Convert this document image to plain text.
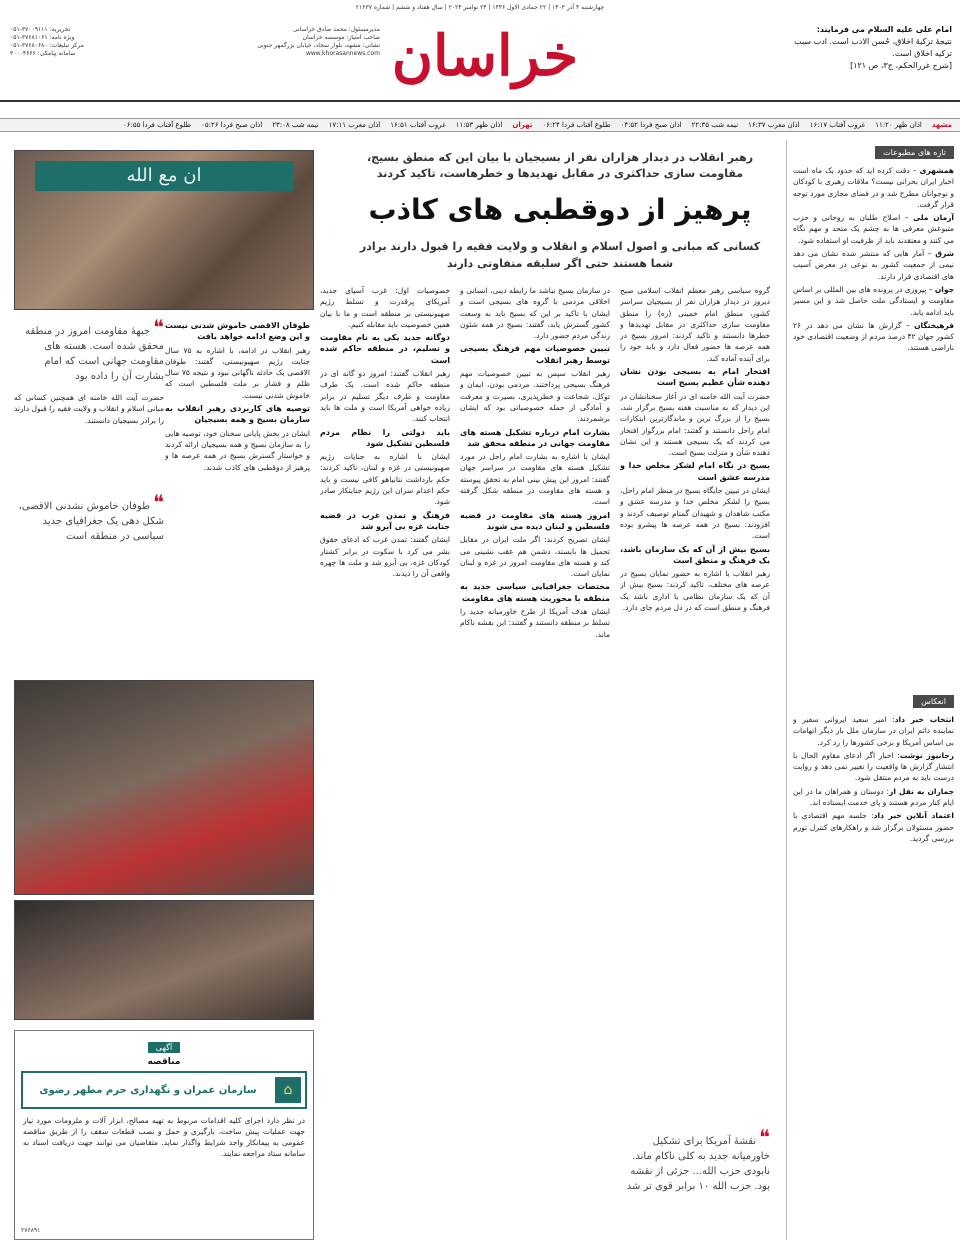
چهارشنبه ۴ آذر ۱۴۰۳ | ۲۲ جمادی الاول ۱۴۴۶ | ۲۴ نوامبر ۲۰۲۴ | سال هفتاد و ششم | شماره ۲۱۲۳۷
امام علی علیه السلام می فرمایند:
نتیجهٔ تزکیهٔ اخلاق، حُسن الادب است. ادب سبب تزکیه اخلاق است.
[شرح غررالحکم، ج۳، ص ۱۲۱]
خراسان
مدیرمسئول: محمد صادق خراسانی
صاحب امتیاز: موسسه خراسان
نشانی: مشهد، بلوار سجاد، خیابان بزرگمهر جنوبی
www.khorasannews.com
تحریریه: ۳۷۰۰۹۱۱۱-۰۵۱
ویژه نامه: ۳۷۶۸۱۰۶۱-۰۵۱
مرکز تبلیغات: ۳۷۶۸۰۶۸۰-۰۵۱
سامانه پیامکی: ۳۰۰۰۴۶۶۶
مشهد
اذان ظهر ۱۱:۲۰
غروب آفتاب ۱۶:۱۷
اذان مغرب ۱۶:۳۷
نیمه شب ۲۲:۳۵
اذان صبح فردا ۰۴:۵۲
طلوع آفتاب فردا ۰۶:۲۴
تهران
اذان ظهر ۱۱:۵۳
غروب آفتاب ۱۶:۵۱
اذان مغرب ۱۷:۱۱
نیمه شب ۲۳:۰۸
اذان صبح فردا ۰۵:۲۶
طلوع آفتاب فردا ۰۶:۵۵
تازه های مطبوعات

همشهری – دقت کرده اید که حدود یک ماه است اخبار ایران بحرانی نیست؟ ملاقات رهبری با کودکان و نوجوانان مطرح شد و در فضای مجازی مورد توجه قرار گرفت.

آرمان ملی – اصلاح طلبان به روحانی و حزب متبوعش معرفی ها به چشم یک متحد و مهم نگاه می کنند و معتقدند باید از ظرفیت او استفاده شود.

شرق – آمار هایی که منتشر شده نشان می دهد نیمی از جمعیت کشور به نوعی در معرض آسیب های اقتصادی قرار دارند.

جوان – پیروزی در پرونده های بین المللی بر اساس مقاومت و ایستادگی ملت حاصل شد و این مسیر باید ادامه یابد.

فرهیختگان – گزارش ها نشان می دهد در ۲۶ کشور جهان ۴۲ درصد مردم از وضعیت اقتصادی خود ناراضی هستند.

انعکاس

انتخاب خبر داد: امیر سعید ایروانی سفیر و نماینده دائم ایران در سازمان ملل بار دیگر اتهامات بی اساس آمریکا و برخی کشورها را رد کرد.

رجانیوز نوشت: اخبار اگر ادعای مقاوم الحال با انتشار گزارش ها واقعیت را تغییر نمی دهد و روایت درست باید به مردم منتقل شود.

جماران به نقل از: دوستان و همراهان ما در این ایام کنار مردم هستند و پای خدمت ایستاده اند.

اعتماد آنلاین خبر داد: جلسه مهم اقتصادی با حضور مسئولان برگزار شد و راهکارهای کنترل تورم بررسی گردید.

رهبر انقلاب در دیدار هزاران نفر از بسیجیان با بیان این که منطق بسیج، مقاومت سازی حداکثری در مقابل تهدیدها و خطرهاست، تاکید کردند
پرهیز از دوقطبی های کاذب
کسانی که مبانی و اصول اسلام و انقلاب و ولایت فقیه را قبول دارند برادر شما هستند حتی اگر سلیقه متفاوتی دارند
ان مع الله

گروه سیاسی رهبر معظم انقلاب اسلامی صبح دیروز در دیدار هزاران نفر از بسیجیان سراسر کشور، منطق امام خمینی (ره) را منطق مقاومت سازی حداکثری در مقابل تهدیدها و خطرها دانستند و تاکید کردند: امروز بسیج در همه عرصه ها حضور فعال دارد و باید خود را برای آینده آماده کند.

افتخار امام به بسیجی بودن نشان دهنده شأن عظیم بسیج است

حضرت آیت الله خامنه ای در آغاز سخنانشان در این دیدار که به مناسبت هفته بسیج برگزار شد، بسیج را از بزرگ ترین و ماندگارترین ابتکارات امام راحل دانستند و گفتند: امام بزرگوار افتخار می کردند که یک بسیجی هستند و این نشان دهنده شأن و منزلت بسیج است.

بسیج در نگاه امام لشکر مخلص خدا و مدرسه عشق است

ایشان در تبیین جایگاه بسیج در منظر امام راحل، بسیج را لشکر مخلص خدا و مدرسه عشق و مکتب شاهدان و شهیدان گمنام توصیف کردند و افزودند: بسیج در همه عرصه ها پیشرو بوده است.

بسیج بیش از آن که یک سازمان باشد، یک فرهنگ و منطق است

رهبر انقلاب با اشاره به حضور نمایان بسیج در عرصه های مختلف، تاکید کردند: بسیج بیش از آن که یک سازمان نظامی یا اداری باشد یک فرهنگ و منطق است که در دل مردم جای دارد.

❝ نقشهٔ آمریکا برای تشکیل خاورمیانه جدید به کلی ناکام ماند. نابودی حزب الله... جزئی از نقشه بود. حزب الله ۱۰ برابر قوی تر شد

در سازمان بسیج نباشد ما رابطه دینی، انسانی و اخلاقی مردمی با گروه های بسیجی است و ایشان با تاکید بر این که بسیج باید به وسعت کشور گسترش یابد، گفتند: بسیج در همه شئون زندگی مردم حضور دارد.

تبیین خصوصیات مهم فرهنگ بسیجی توسط رهبر انقلاب

رهبر انقلاب سپس به تبیین خصوصیات مهم فرهنگ بسیجی پرداختند. مردمی بودن، ایمان و توکل، شجاعت و خطرپذیری، بصیرت و معرفت و آمادگی از جمله خصوصیاتی بود که ایشان برشمردند.

بشارت امام درباره تشکیل هسته های مقاومت جهانی در منطقه محقق شد

ایشان با اشاره به بشارت امام راحل در مورد تشکیل هسته های مقاومت در سراسر جهان گفتند: امروز این پیش بینی امام به تحقق پیوسته و هسته های مقاومت در منطقه شکل گرفته است.

امروز هسته های مقاومت در قضیه فلسطین و لبنان دیده می شوند

ایشان تصریح کردند: اگر ملت ایران در مقابل تحمیل ها بایستد، دشمن هم عقب نشینی می کند و هسته های مقاومت امروز در غزه و لبنان نمایان است.

مختصات جغرافیایی سیاسی جدید به منطقه با محوریت هسته های مقاومت

ایشان هدف آمریکا از طرح خاورمیانه جدید را تسلط بر منطقه دانستند و گفتند: این نقشه ناکام ماند.

خصوصیات اول: غرب آسیای جدید، آمریکای پرقدرت و تسلط رژیم صهیونیستی بر منطقه است و ما با بیان همین خصوصیت باید مقابله کنیم.

دوگانه جدید یکی به نام مقاومت و تسلیم، در منطقه حاکم شده است

رهبر انقلاب گفتند: امروز دو گانه ای در منطقه حاکم شده است. یک طرف مقاومت و طرف دیگر تسلیم در برابر زیاده خواهی آمریکا است و ملت ها باید انتخاب کنند.

باید دولتی را نظام مردم فلسطین تشکیل شود

ایشان با اشاره به جنایات رژیم صهیونیستی در غزه و لبنان، تاکید کردند: حکم بازداشت نتانیاهو کافی نیست و باید حکم اعدام سران این رژیم جنایتکار صادر شود.

فرهنگ و تمدن غرب در قضیه جنایت غزه بی آبرو شد

ایشان گفتند: تمدن غرب که ادعای حقوق بشر می کرد با سکوت در برابر کشتار کودکان غزه، بی آبرو شد و ملت ها چهره واقعی آن را دیدند.

طوفان الاقصی خاموش شدنی نیست و این وضع ادامه خواهد یافت

رهبر انقلاب در ادامه، با اشاره به ۷۵ سال جنایت رژیم صهیونیستی، گفتند: طوفان الاقصی یک حادثه ناگهانی نبود و نتیجه ۷۵ سال ظلم و فشار بر ملت فلسطین است که خاموش شدنی نیست.

توصیه های کاربردی رهبر انقلاب به سازمان بسیج و همه بسیجیان

ایشان در بخش پایانی سخنان خود، توصیه هایی را به سازمان بسیج و همه بسیجیان ارائه کردند و خواستار گسترش بسیج در همه عرصه ها و پرهیز از دوقطبی های کاذب شدند.

❝ جبههٔ مقاومت امروز در منطقه محقق شده است. هسته های مقاومت جهانی است که امام بشارت آن را داده بود
حضرت آیت الله خامنه ای همچنین کسانی که مبانی اسلام و انقلاب و ولایت فقیه را قبول دارند را برادر بسیجیان دانستند.
❝ طوفان خاموش نشدنی الاقصی، شکل دهی یک جغرافیای جدید سیاسی در منطقه است
آگهی
مناقصه
⌂
سازمان عمران و نگهداری حرم مطهر رضوی
در نظر دارد اجرای کلیه اقدامات مربوط به تهیه مصالح، ابزار آلات و ملزومات مورد نیاز جهت عملیات پیش ساخت، بارگیری و حمل و نصب قطعات سقف را از طریق مناقصه عمومی به پیمانکار واجد شرایط واگذار نماید. متقاضیان می توانند جهت دریافت اسناد به سامانه ستاد مراجعه نمایند.
۲۷۶۸۹۱
